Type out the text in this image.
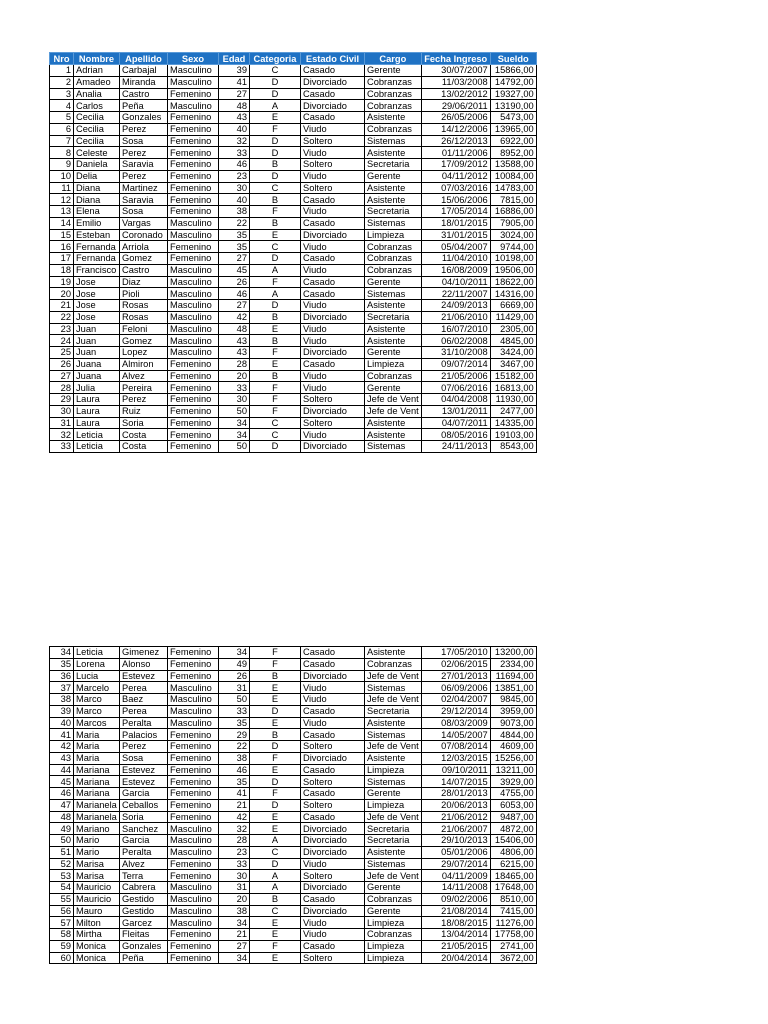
Nro	Nombre	Apellido	Sexo	Edad	Categoria	Estado Civil	Cargo	Fecha Ingreso	Sueldo
1	Adrian	Carbajal	Masculino	39	C	Casado	Gerente	30/07/2007	15866,00
2	Amadeo	Miranda	Masculino	41	D	Divorciado	Cobranzas	11/03/2008	14792,00
3	Analia	Castro	Femenino	27	D	Casado	Cobranzas	13/02/2012	19327,00
4	Carlos	Peña	Masculino	48	A	Divorciado	Cobranzas	29/06/2011	13190,00
5	Cecilia	Gonzales	Femenino	43	E	Casado	Asistente	26/05/2006	5473,00
6	Cecilia	Perez	Femenino	40	F	Viudo	Cobranzas	14/12/2006	13965,00
7	Cecilia	Sosa	Femenino	32	D	Soltero	Sistemas	26/12/2013	6922,00
8	Celeste	Perez	Femenino	33	D	Viudo	Asistente	01/11/2006	8952,00
9	Daniela	Saravia	Femenino	46	B	Soltero	Secretaria	17/09/2012	13588,00
10	Delia	Perez	Femenino	23	D	Viudo	Gerente	04/11/2012	10084,00
11	Diana	Martinez	Femenino	30	C	Soltero	Asistente	07/03/2016	14783,00
12	Diana	Saravia	Femenino	40	B	Casado	Asistente	15/06/2006	7815,00
13	Elena	Sosa	Femenino	38	F	Viudo	Secretaria	17/05/2014	16886,00
14	Emilio	Vargas	Masculino	22	B	Casado	Sistemas	18/01/2015	7905,00
15	Esteban	Coronado	Masculino	35	E	Divorciado	Limpieza	31/01/2015	3024,00
16	Fernanda	Arriola	Femenino	35	C	Viudo	Cobranzas	05/04/2007	9744,00
17	Fernanda	Gomez	Femenino	27	D	Casado	Cobranzas	11/04/2010	10198,00
18	Francisco	Castro	Masculino	45	A	Viudo	Cobranzas	16/08/2009	19506,00
19	Jose	Diaz	Masculino	26	F	Casado	Gerente	04/10/2011	18622,00
20	Jose	Pioli	Masculino	46	A	Casado	Sistemas	22/11/2007	14316,00
21	Jose	Rosas	Masculino	27	D	Viudo	Asistente	24/09/2013	6669,00
22	Jose	Rosas	Masculino	42	B	Divorciado	Secretaria	21/06/2010	11429,00
23	Juan	Feloni	Masculino	48	E	Viudo	Asistente	16/07/2010	2305,00
24	Juan	Gomez	Masculino	43	B	Viudo	Asistente	06/02/2008	4845,00
25	Juan	Lopez	Masculino	43	F	Divorciado	Gerente	31/10/2008	3424,00
26	Juana	Almiron	Femenino	28	E	Casado	Limpieza	09/07/2014	3467,00
27	Juana	Alvez	Femenino	20	B	Viudo	Cobranzas	21/05/2006	15182,00
28	Julia	Pereira	Femenino	33	F	Viudo	Gerente	07/06/2016	16813,00
29	Laura	Perez	Femenino	30	F	Soltero	Jefe de Vent	04/04/2008	11930,00
30	Laura	Ruiz	Femenino	50	F	Divorciado	Jefe de Vent	13/01/2011	2477,00
31	Laura	Soria	Femenino	34	C	Soltero	Asistente	04/07/2011	14335,00
32	Leticia	Costa	Femenino	34	C	Viudo	Asistente	08/05/2016	19103,00
33	Leticia	Costa	Femenino	50	D	Divorciado	Sistemas	24/11/2013	8543,00
34	Leticia	Gimenez	Femenino	34	F	Casado	Asistente	17/05/2010	13200,00
35	Lorena	Alonso	Femenino	49	F	Casado	Cobranzas	02/06/2015	2334,00
36	Lucia	Estevez	Femenino	26	B	Divorciado	Jefe de Vent	27/01/2013	11694,00
37	Marcelo	Perea	Masculino	31	E	Viudo	Sistemas	06/09/2006	13851,00
38	Marco	Baez	Masculino	50	E	Viudo	Jefe de Vent	02/04/2007	9845,00
39	Marco	Perea	Masculino	33	D	Casado	Secretaria	29/12/2014	3959,00
40	Marcos	Peralta	Masculino	35	E	Viudo	Asistente	08/03/2009	9073,00
41	Maria	Palacios	Femenino	29	B	Casado	Sistemas	14/05/2007	4844,00
42	Maria	Perez	Femenino	22	D	Soltero	Jefe de Vent	07/08/2014	4609,00
43	Maria	Sosa	Femenino	38	F	Divorciado	Asistente	12/03/2015	15256,00
44	Mariana	Estevez	Femenino	46	E	Casado	Limpieza	09/10/2011	13211,00
45	Mariana	Estevez	Femenino	35	D	Soltero	Sistemas	14/07/2015	3929,00
46	Mariana	Garcia	Femenino	41	F	Casado	Gerente	28/01/2013	4755,00
47	Marianela	Ceballos	Femenino	21	D	Soltero	Limpieza	20/06/2013	6053,00
48	Marianela	Soria	Femenino	42	E	Casado	Jefe de Vent	21/06/2012	9487,00
49	Mariano	Sanchez	Masculino	32	E	Divorciado	Secretaria	21/06/2007	4872,00
50	Mario	Garcia	Masculino	28	A	Divorciado	Secretaria	29/10/2013	15406,00
51	Mario	Peralta	Masculino	23	C	Divorciado	Asistente	05/01/2006	4806,00
52	Marisa	Alvez	Femenino	33	D	Viudo	Sistemas	29/07/2014	6215,00
53	Marisa	Terra	Femenino	30	A	Soltero	Jefe de Vent	04/11/2009	18465,00
54	Mauricio	Cabrera	Masculino	31	A	Divorciado	Gerente	14/11/2008	17648,00
55	Mauricio	Gestido	Masculino	20	B	Casado	Cobranzas	09/02/2006	8510,00
56	Mauro	Gestido	Masculino	38	C	Divorciado	Gerente	21/08/2014	7415,00
57	Milton	Garcez	Masculino	34	E	Viudo	Limpieza	18/08/2015	11276,00
58	Mirtha	Fleitas	Femenino	21	E	Viudo	Cobranzas	13/04/2014	17758,00
59	Monica	Gonzales	Femenino	27	F	Casado	Limpieza	21/05/2015	2741,00
60	Monica	Peña	Femenino	34	E	Soltero	Limpieza	20/04/2014	3672,00
